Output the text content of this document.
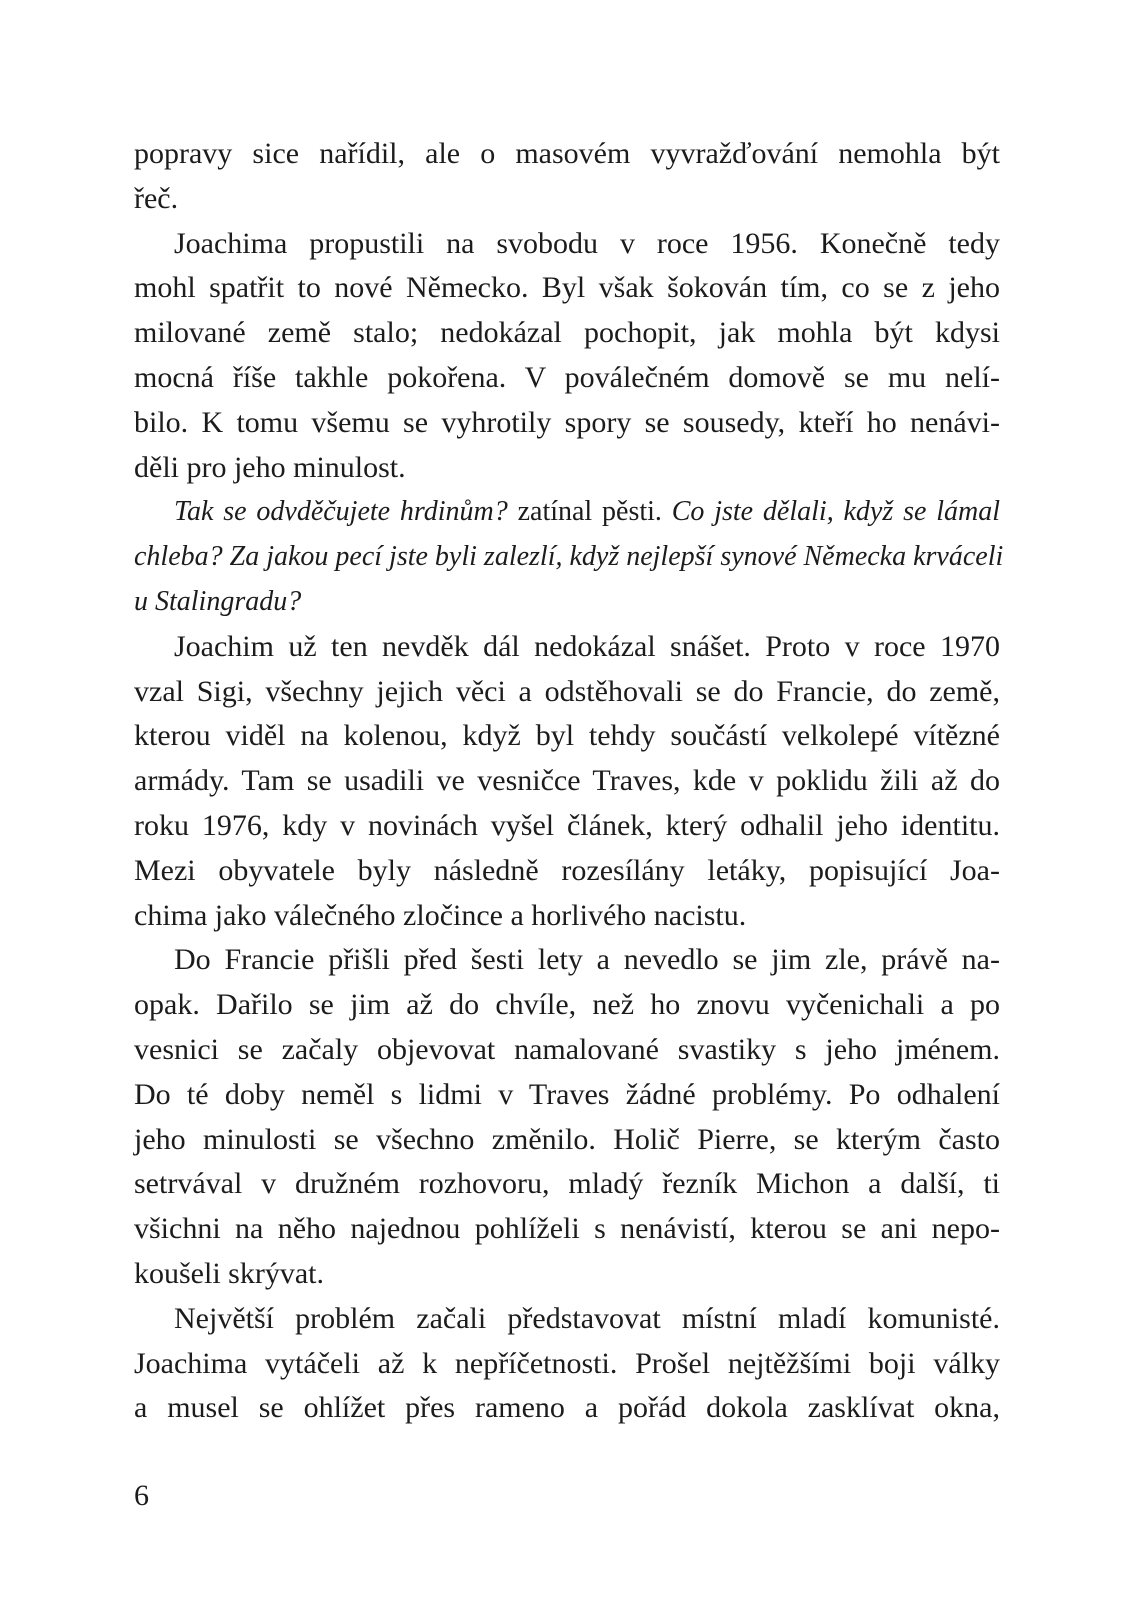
popravy sice nařídil, ale o masovém vyvražďování nemohla být
řeč.
Joachima propustili na svobodu v roce 1956. Konečně tedy
mohl spatřit to nové Německo. Byl však šokován tím, co se z jeho
milované země stalo; nedokázal pochopit, jak mohla být kdysi
mocná říše takhle pokořena. V poválečném domově se mu nelí-
bilo. K tomu všemu se vyhrotily spory se sousedy, kteří ho nenávi-
děli pro jeho minulost.
Tak se odvděčujete hrdinům? zatínal pěsti. Co jste dělali, když se lámal
chleba? Za jakou pecí jste byli zalezlí, když nejlepší synové Německa krváceli
u Stalingradu?
Joachim už ten nevděk dál nedokázal snášet. Proto v roce 1970
vzal Sigi, všechny jejich věci a odstěhovali se do Francie, do země,
kterou viděl na kolenou, když byl tehdy součástí velkolepé vítězné
armády. Tam se usadili ve vesničce Traves, kde v poklidu žili až do
roku 1976, kdy v novinách vyšel článek, který odhalil jeho identitu.
Mezi obyvatele byly následně rozesílány letáky, popisující Joa-
chima jako válečného zločince a horlivého nacistu.
Do Francie přišli před šesti lety a nevedlo se jim zle, právě na-
opak. Dařilo se jim až do chvíle, než ho znovu vyčenichali a po
vesnici se začaly objevovat namalované svastiky s jeho jménem.
Do té doby neměl s lidmi v Traves žádné problémy. Po odhalení
jeho minulosti se všechno změnilo. Holič Pierre, se kterým často
setrvával v družném rozhovoru, mladý řezník Michon a další, ti
všichni na něho najednou pohlíželi s nenávistí, kterou se ani nepo-
koušeli skrývat.
Největší problém začali představovat místní mladí komunisté.
Joachima vytáčeli až k nepříčetnosti. Prošel nejtěžšími boji války
a musel se ohlížet přes rameno a pořád dokola zasklívat okna,
6
